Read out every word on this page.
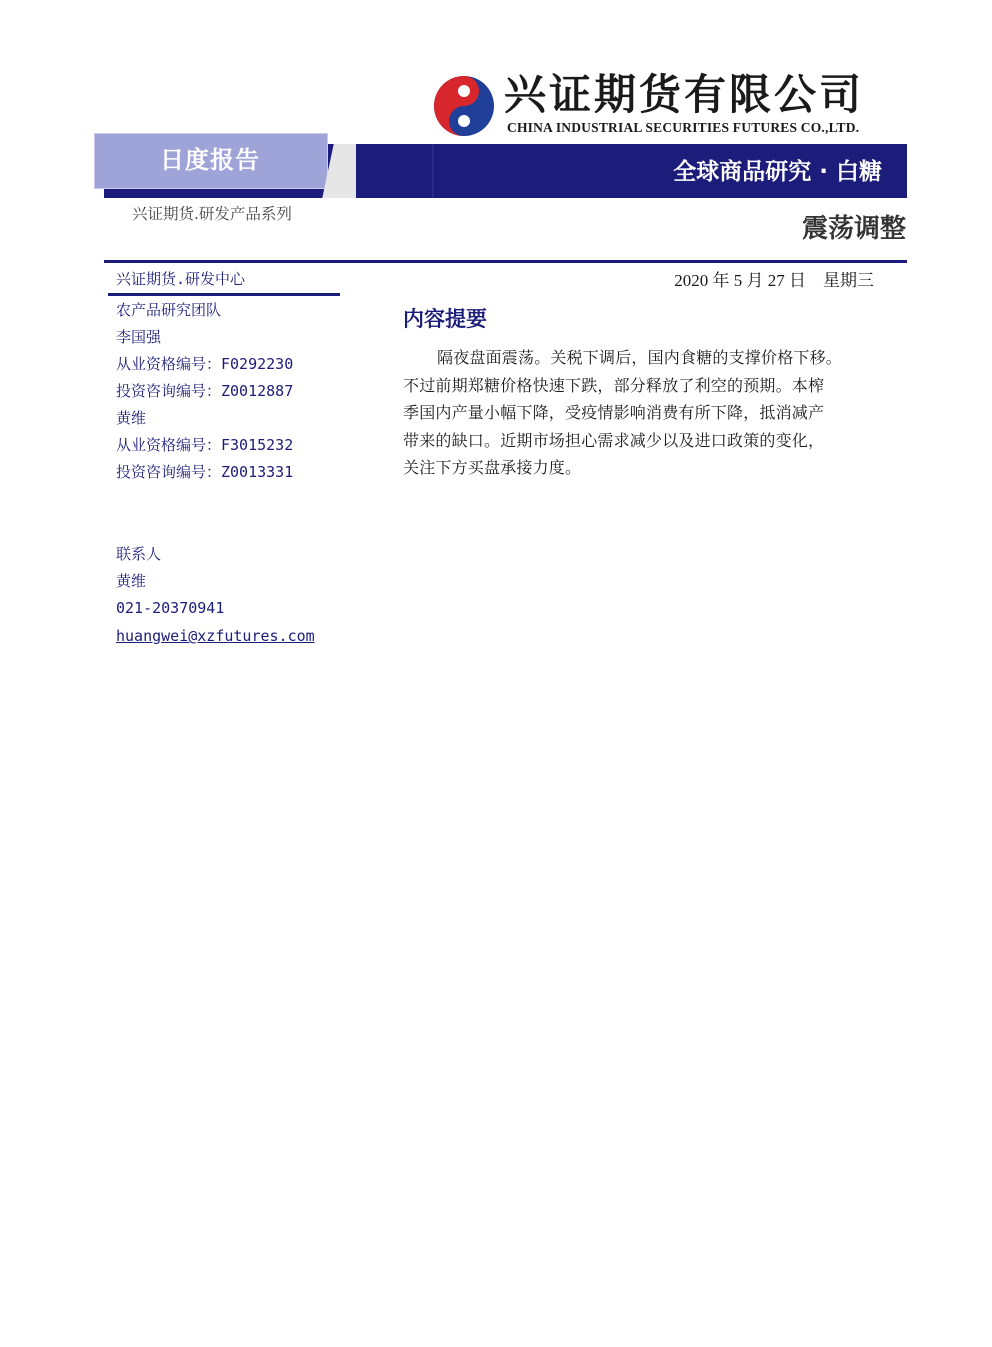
兴证期货有限公司
CHINA INDUSTRIAL SECURITIES FUTURES CO.,LTD.
日度报告	全球商品研究 · 白糖
兴证期货.研发产品系列	震荡调整
兴证期货.研发中心
农产品研究团队
李国强
从业资格编号：F0292230
投资咨询编号：Z0012887
黄维
从业资格编号：F3015232
投资咨询编号：Z0013331
联系人
黄维
021-20370941
huangwei@xzfutures.com
2020 年 5 月 27 日　星期三
内容提要
隔夜盘面震荡。关税下调后，国内食糖的支撑价格下移。
不过前期郑糖价格快速下跌，部分释放了利空的预期。本榨
季国内产量小幅下降，受疫情影响消费有所下降，抵消减产
带来的缺口。近期市场担心需求减少以及进口政策的变化，
关注下方买盘承接力度。
